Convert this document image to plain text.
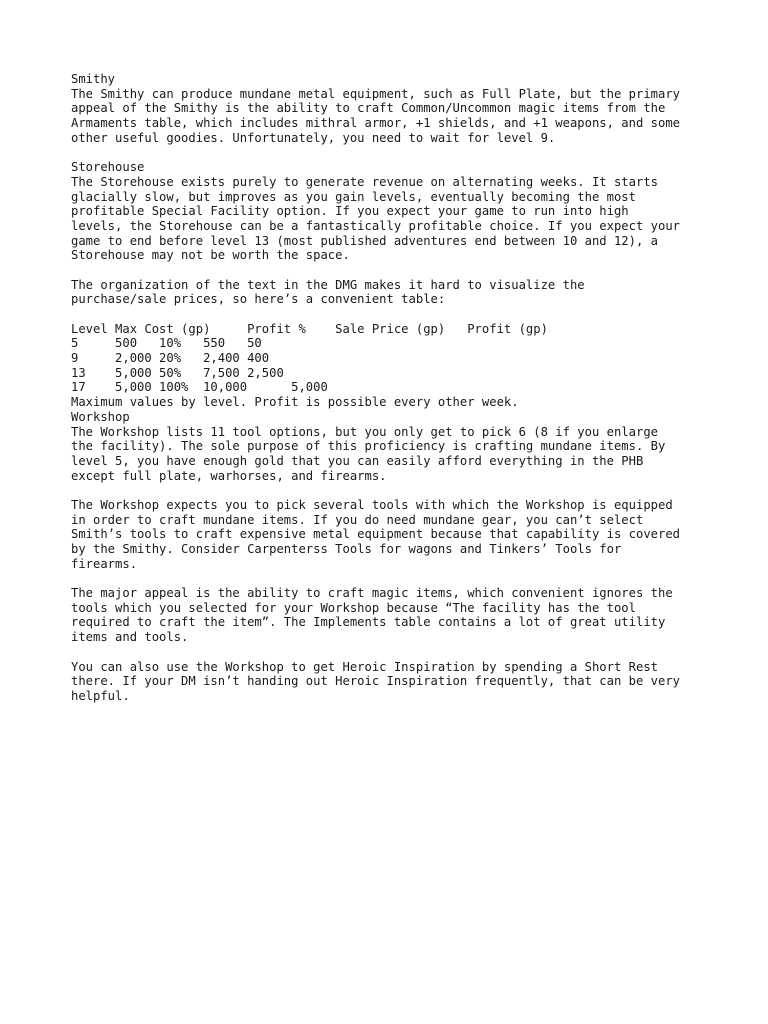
Smithy
The Smithy can produce mundane metal equipment, such as Full Plate, but the primary
appeal of the Smithy is the ability to craft Common/Uncommon magic items from the
Armaments table, which includes mithral armor, +1 shields, and +1 weapons, and some
other useful goodies. Unfortunately, you need to wait for level 9.
Storehouse
The Storehouse exists purely to generate revenue on alternating weeks. It starts
glacially slow, but improves as you gain levels, eventually becoming the most
profitable Special Facility option. If you expect your game to run into high
levels, the Storehouse can be a fantastically profitable choice. If you expect your
game to end before level 13 (most published adventures end between 10 and 12), a
Storehouse may not be worth the space.
The organization of the text in the DMG makes it hard to visualize the
purchase/sale prices, so here’s a convenient table:
Level Max Cost (gp)     Profit %    Sale Price (gp)   Profit (gp)
5     500   10%   550   50
9     2,000 20%   2,400 400
13    5,000 50%   7,500 2,500
17    5,000 100%  10,000      5,000
Maximum values by level. Profit is possible every other week.
Workshop
The Workshop lists 11 tool options, but you only get to pick 6 (8 if you enlarge
the facility). The sole purpose of this proficiency is crafting mundane items. By
level 5, you have enough gold that you can easily afford everything in the PHB
except full plate, warhorses, and firearms.
The Workshop expects you to pick several tools with which the Workshop is equipped
in order to craft mundane items. If you do need mundane gear, you can’t select
Smith’s tools to craft expensive metal equipment because that capability is covered
by the Smithy. Consider Carpenterss Tools for wagons and Tinkers’ Tools for
firearms.
The major appeal is the ability to craft magic items, which convenient ignores the
tools which you selected for your Workshop because “The facility has the tool
required to craft the item”. The Implements table contains a lot of great utility
items and tools.
You can also use the Workshop to get Heroic Inspiration by spending a Short Rest
there. If your DM isn’t handing out Heroic Inspiration frequently, that can be very
helpful.
